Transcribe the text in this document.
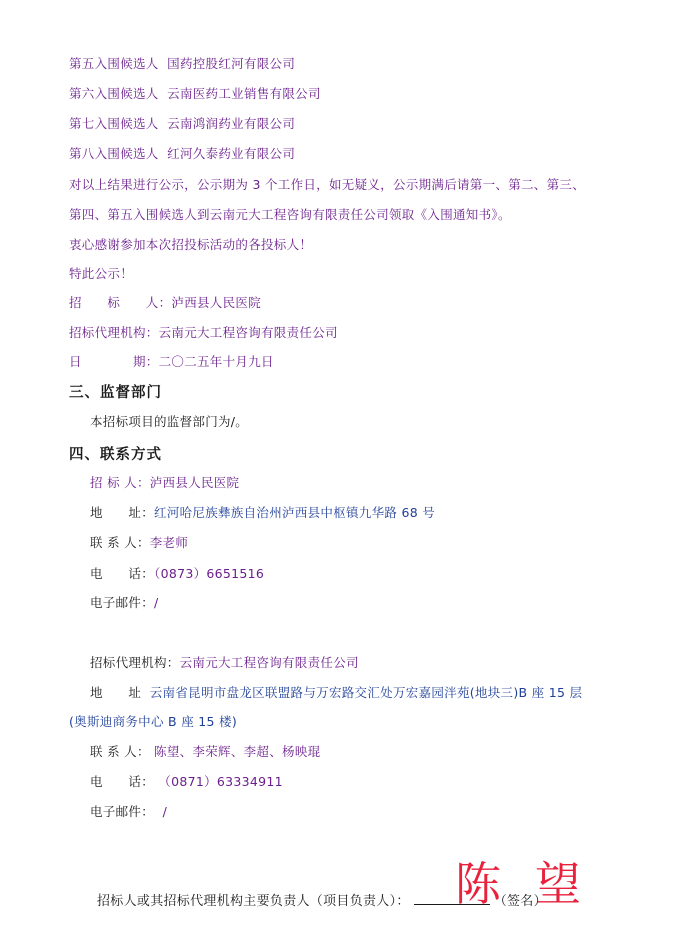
第五入围候选人 国药控股红河有限公司
第六入围候选人 云南医药工业销售有限公司
第七入围候选人 云南鸿润药业有限公司
第八入围候选人 红河久泰药业有限公司
对以上结果进行公示，公示期为 3 个工作日，如无疑义，公示期满后请第一、第二、第三、
第四、第五入围候选人到云南元大工程咨询有限责任公司领取《入围通知书》。
衷心感谢参加本次招投标活动的各投标人！
特此公示！
招　　标　　人：泸西县人民医院
招标代理机构：云南元大工程咨询有限责任公司
日　　　　期：二〇二五年十月九日
三、监督部门
本招标项目的监督部门为/。
四、联系方式
招 标 人：泸西县人民医院
地　　址：红河哈尼族彝族自治州泸西县中枢镇九华路 68 号
联 系 人：李老师
电　　话：（0873）6651516
电子邮件：/
招标代理机构：云南元大工程咨询有限责任公司
地　　址 云南省昆明市盘龙区联盟路与万宏路交汇处万宏嘉园泮苑(地块三)B 座 15 层
(奥斯迪商务中心 B 座 15 楼)
联 系 人： 陈望、李荣辉、李超、杨映琨
电　　话： （0871）63334911
电子邮件： /
陈 望
招标人或其招标代理机构主要负责人（项目负责人）：	（签名）
